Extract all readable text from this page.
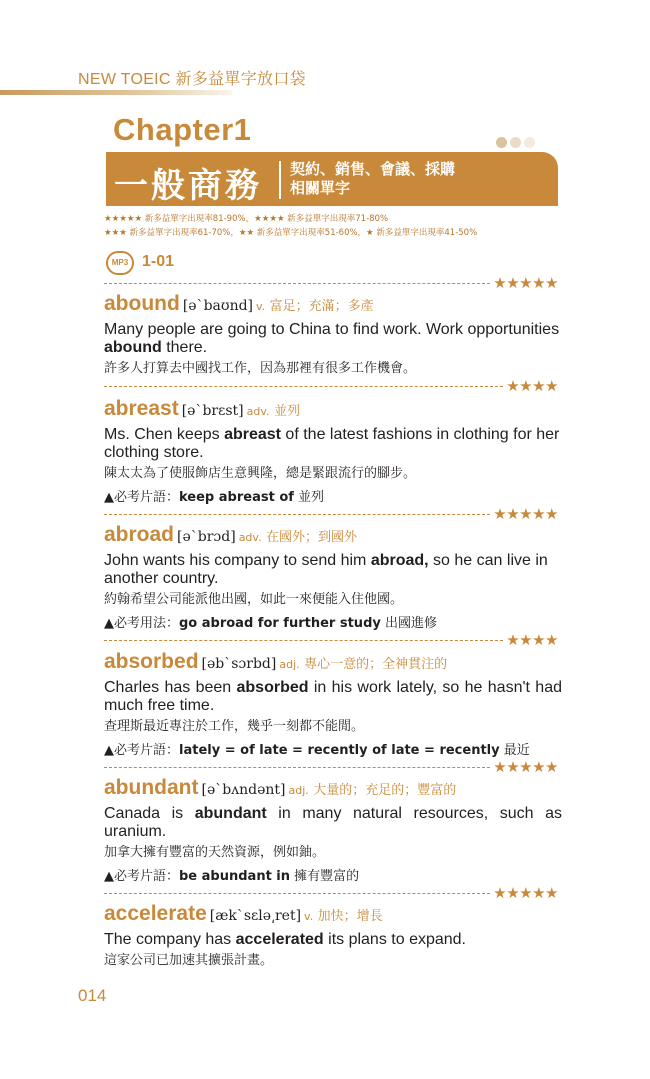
NEW TOEIC 新多益單字放口袋
Chapter1
一般商務 契約、銷售、會議、採購
相關單字
★★★★★ 新多益單字出現率81-90%，★★★★ 新多益單字出現率71-80%
★★★ 新多益單字出現率61-70%，★★ 新多益單字出現率51-60%，★ 新多益單字出現率41-50%
MP3 1-01
★★★★★
abound [ə`baʊnd] v. 富足；充滿；多產
Many people are going to China to find work. Work opportunities abound there.
許多人打算去中國找工作，因為那裡有很多工作機會。
★★★★
abreast [ə`brɛst] adv. 並列
Ms. Chen keeps abreast of the latest fashions in clothing for her clothing store.
陳太太為了使服飾店生意興隆，總是緊跟流行的腳步。
▲必考片語：keep abreast of 並列
★★★★★
abroad [ə`brɔd] adv. 在國外；到國外
John wants his company to send him abroad, so he can live in another country.
約翰希望公司能派他出國，如此一來便能入住他國。
▲必考用法：go abroad for further study 出國進修
★★★★
absorbed [əb`sɔrbd] adj. 專心一意的；全神貫注的
Charles has been absorbed in his work lately, so he hasn't had much free time.
查理斯最近專注於工作，幾乎一刻都不能閒。
▲必考片語：lately = of late = recently of late = recently 最近
★★★★★
abundant [ə`bʌndənt] adj. 大量的；充足的；豐富的
Canada is abundant in many natural resources, such as uranium.
加拿大擁有豐富的天然資源，例如鈾。
▲必考片語：be abundant in 擁有豐富的
★★★★★
accelerate [æk`sɛlə͵ret] v. 加快；增長
The company has accelerated its plans to expand.
這家公司已加速其擴張計畫。
014
